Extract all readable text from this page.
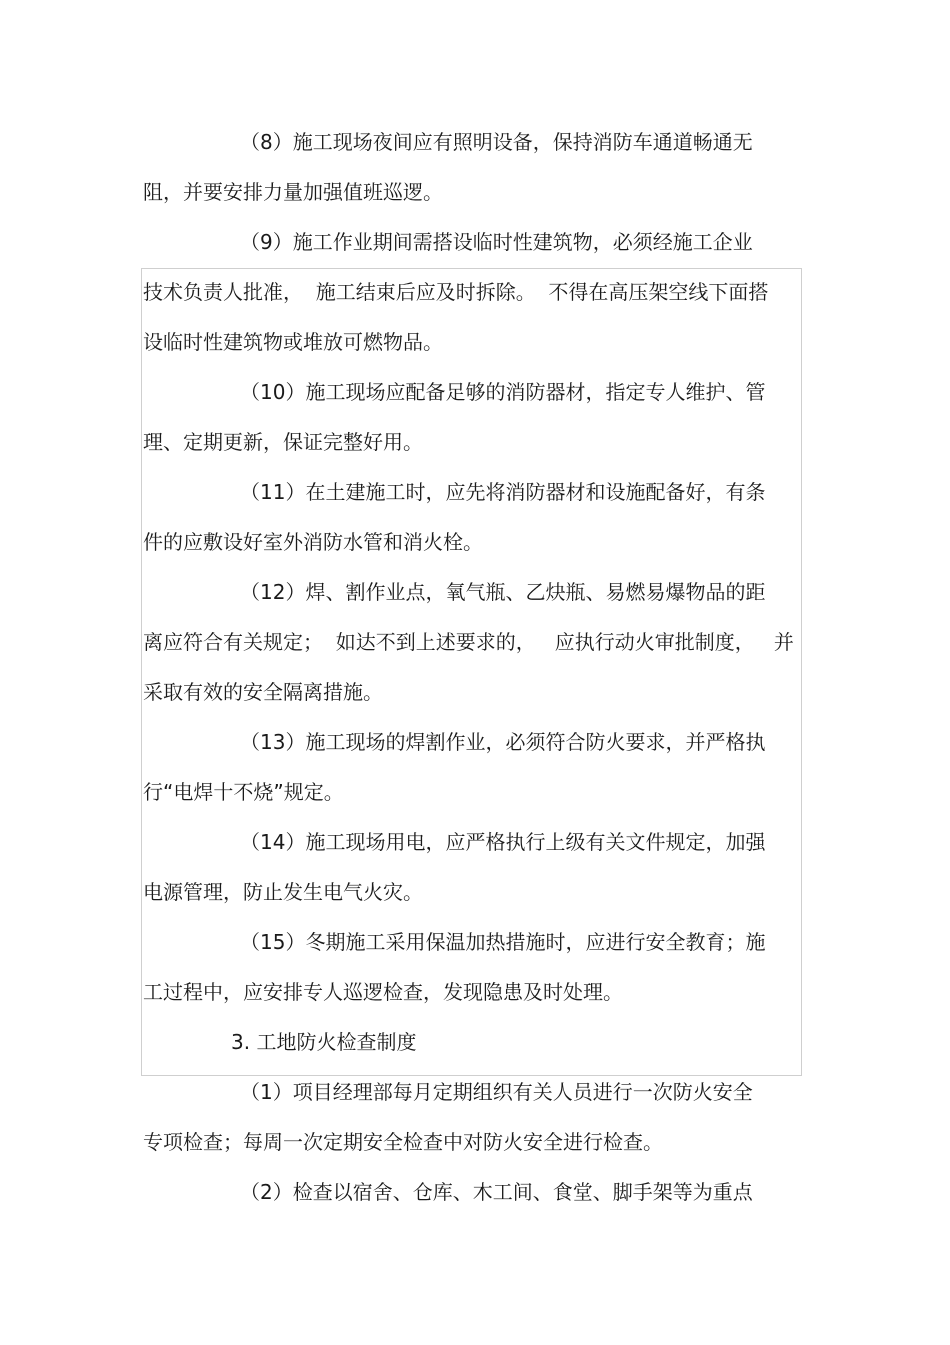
（8）施工现场夜间应有照明设备，保持消防车通道畅通无
阻，并要安排力量加强值班巡逻。
（9）施工作业期间需搭设临时性建筑物，必须经施工企业
技术负责人批准，  施工结束后应及时拆除。  不得在高压架空线下面搭
设临时性建筑物或堆放可燃物品。
（10）施工现场应配备足够的消防器材，指定专人维护、管
理、定期更新，保证完整好用。
（11）在土建施工时，应先将消防器材和设施配备好，有条
件的应敷设好室外消防水管和消火栓。
（12）焊、割作业点，氧气瓶、乙炔瓶、易燃易爆物品的距
离应符合有关规定；  如达不到上述要求的，   应执行动火审批制度，   并
采取有效的安全隔离措施。
（13）施工现场的焊割作业，必须符合防火要求，并严格执
行“电焊十不烧”规定。
（14）施工现场用电，应严格执行上级有关文件规定，加强
电源管理，防止发生电气火灾。
（15）冬期施工采用保温加热措施时，应进行安全教育；施
工过程中，应安排专人巡逻检查，发现隐患及时处理。
3. 工地防火检查制度
（1）项目经理部每月定期组织有关人员进行一次防火安全
专项检查；每周一次定期安全检查中对防火安全进行检查。
（2）检查以宿舍、仓库、木工间、食堂、脚手架等为重点
